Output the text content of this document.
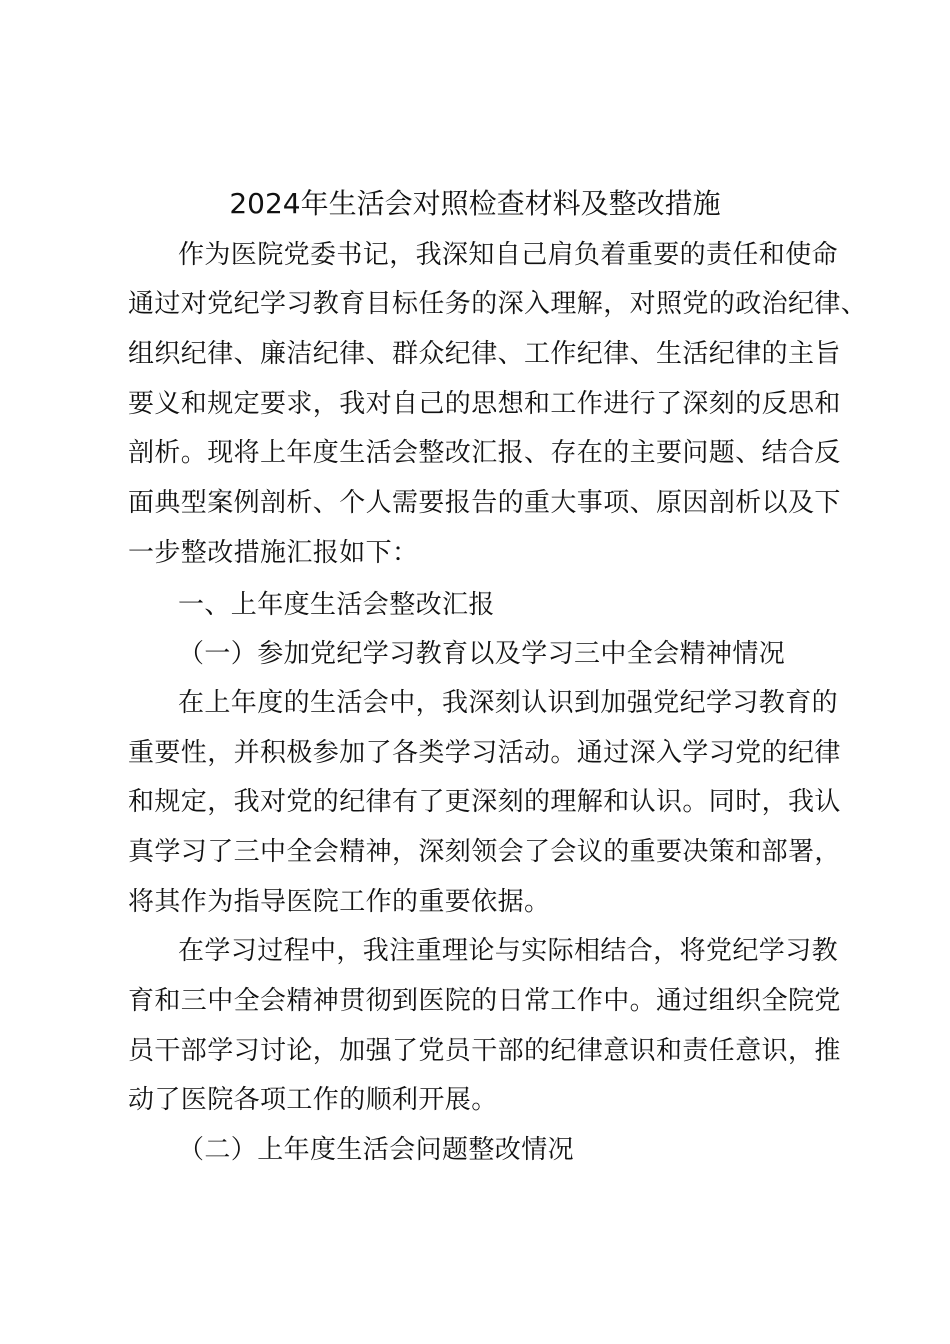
2024年生活会对照检查材料及整改措施
作为医院党委书记，我深知自己肩负着重要的责任和使命
通过对党纪学习教育目标任务的深入理解，对照党的政治纪律、
组织纪律、廉洁纪律、群众纪律、工作纪律、生活纪律的主旨
要义和规定要求，我对自己的思想和工作进行了深刻的反思和
剖析。现将上年度生活会整改汇报、存在的主要问题、结合反
面典型案例剖析、个人需要报告的重大事项、原因剖析以及下
一步整改措施汇报如下：
一、上年度生活会整改汇报
（一）参加党纪学习教育以及学习三中全会精神情况
在上年度的生活会中，我深刻认识到加强党纪学习教育的
重要性，并积极参加了各类学习活动。通过深入学习党的纪律
和规定，我对党的纪律有了更深刻的理解和认识。同时，我认
真学习了三中全会精神，深刻领会了会议的重要决策和部署，
将其作为指导医院工作的重要依据。
在学习过程中，我注重理论与实际相结合，将党纪学习教
育和三中全会精神贯彻到医院的日常工作中。通过组织全院党
员干部学习讨论，加强了党员干部的纪律意识和责任意识，推
动了医院各项工作的顺利开展。
（二）上年度生活会问题整改情况
